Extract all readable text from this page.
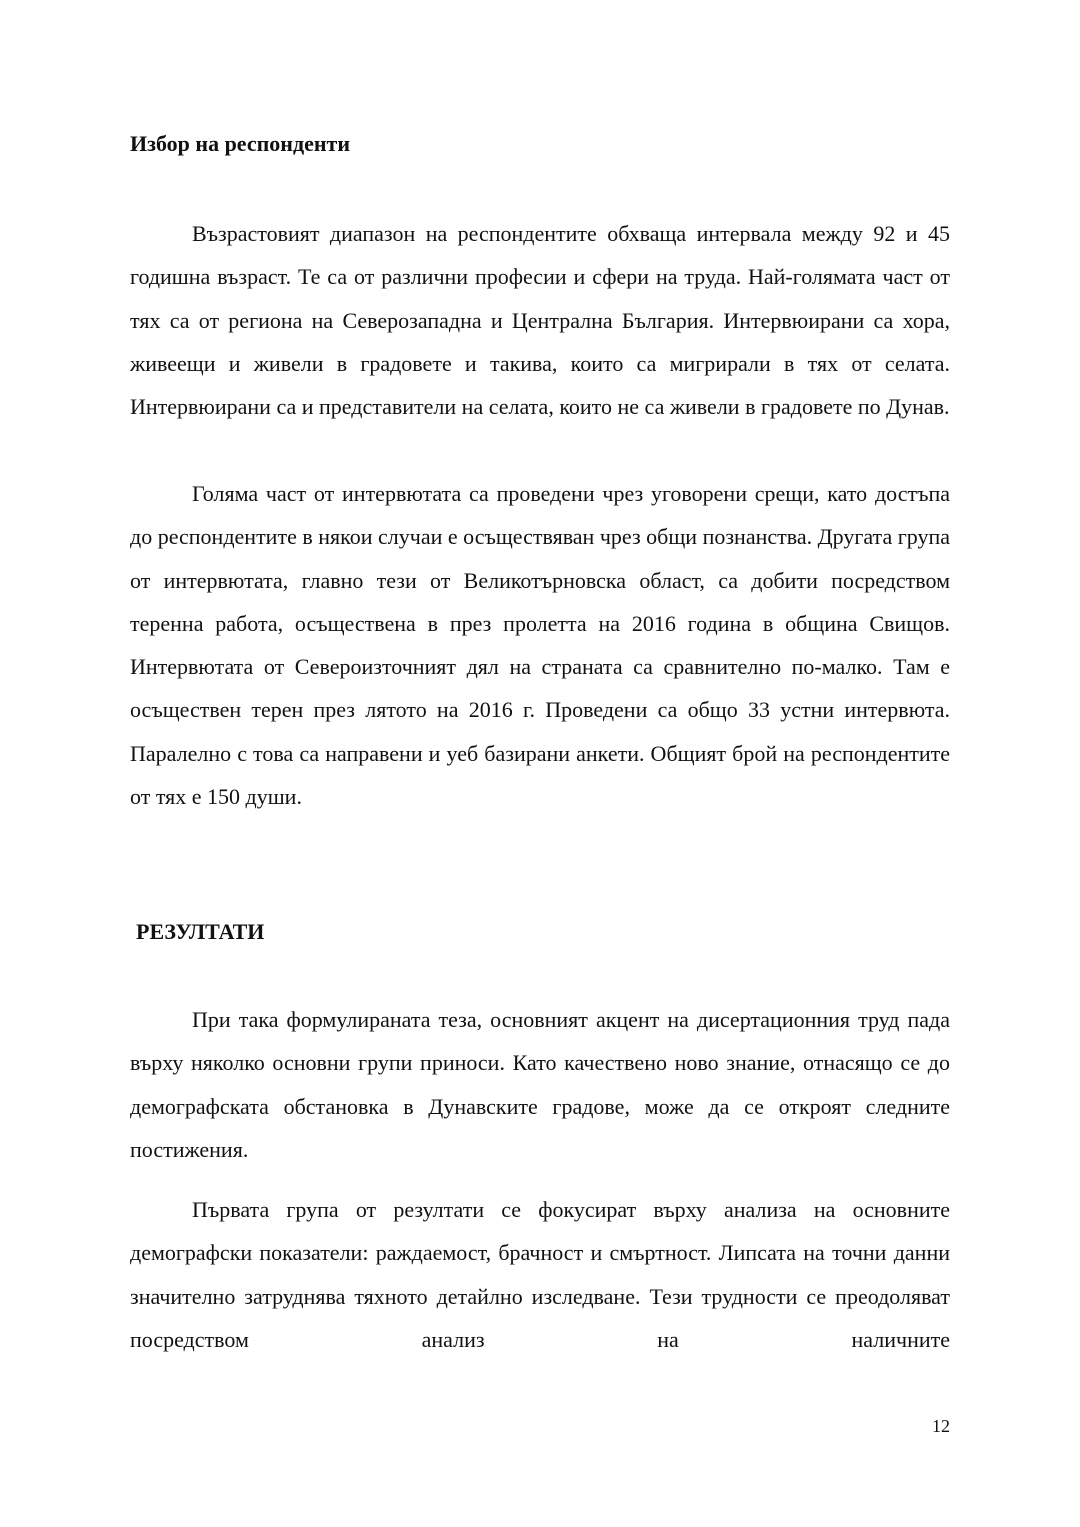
Избор на респонденти

Възрастовият диапазон на респондентите обхваща интервала между 92 и 45 годишна възраст. Те са от различни професии и сфери на труда. Най-голямата част от тях са от региона на Северозападна и Централна България. Интервюирани са хора, живеещи и живели в градовете и такива, които са мигрирали в тях от селата. Интервюирани са и представители на селата, които не са живели в градовете по Дунав.

Голяма част от интервютата са проведени чрез уговорени срещи, като достъпа до респондентите в някои случаи е осъществяван чрез общи познанства. Другата група от интервютата, главно тези от Великотърновска област, са добити посредством теренна работа, осъществена в през пролетта на 2016 година в община Свищов. Интервютата от Североизточният дял на страната са сравнително по-малко. Там е осъществен терен през лятото на 2016 г. Проведени са общо 33 устни интервюта. Паралелно с това са направени и уеб базирани анкети. Общият брой на респондентите от тях е 150 души.

РЕЗУЛТАТИ

При така формулираната теза, основният акцент на дисертационния труд пада върху няколко основни групи приноси. Като качествено ново знание, отнасящо се до демографската обстановка в Дунавските градове, може да се откроят следните постижения.

Първата група от резултати се фокусират върху анализа на основните демографски показатели: раждаемост, брачност и смъртност. Липсата на точни данни значително затруднява тяхното детайлно изследване. Тези трудности се преодоляват посредством анализ на наличните

12
